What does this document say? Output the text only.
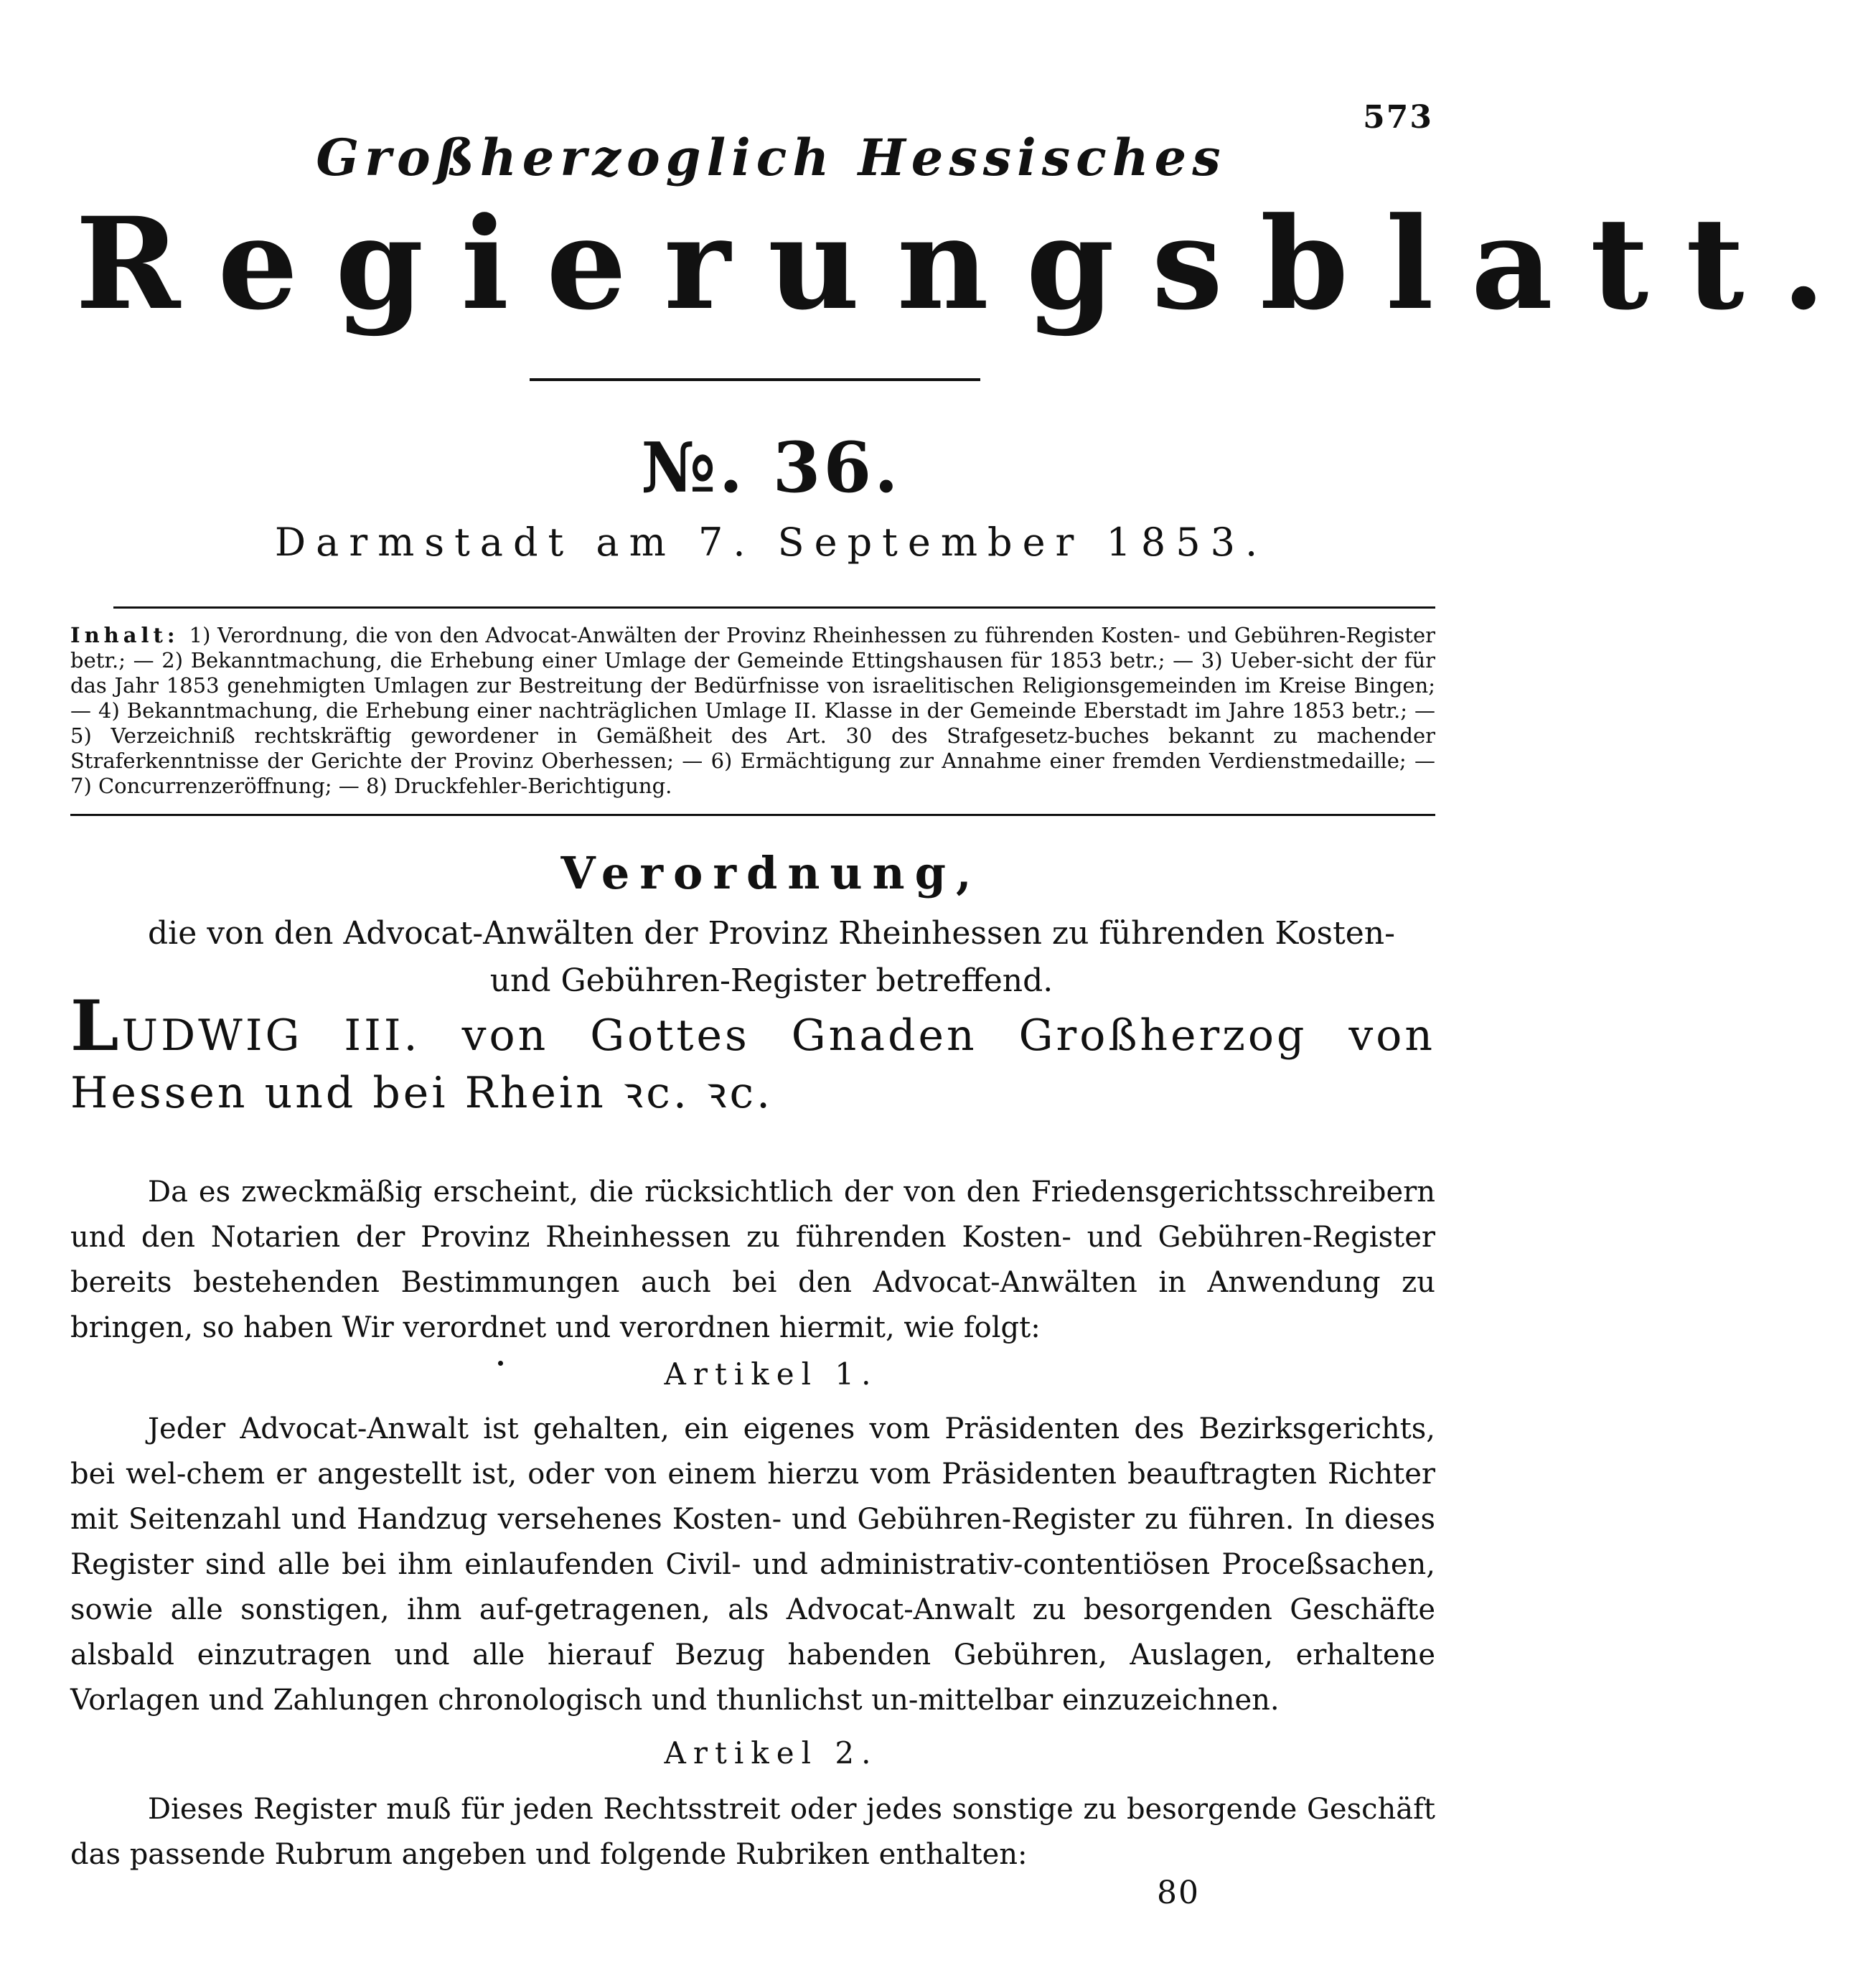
573
Großherzoglich Hessisches
Regierungsblatt.
№. 36.
Darmstadt am 7. September 1853.
Inhalt: 1) Verordnung, die von den Advocat-Anwälten der Provinz Rheinhessen zu führenden Kosten- und Gebühren-Register betr.; — 2) Bekanntmachung, die Erhebung einer Umlage der Gemeinde Ettingshausen für 1853 betr.; — 3) Ueber-sicht der für das Jahr 1853 genehmigten Umlagen zur Bestreitung der Bedürfnisse von israelitischen Religionsgemeinden im Kreise Bingen; — 4) Bekanntmachung, die Erhebung einer nachträglichen Umlage II. Klasse in der Gemeinde Eberstadt im Jahre 1853 betr.; — 5) Verzeichniß rechtskräftig gewordener in Gemäßheit des Art. 30 des Strafgesetz-buches bekannt zu machender Straferkenntnisse der Gerichte der Provinz Oberhessen; — 6) Ermächtigung zur Annahme einer fremden Verdienstmedaille; — 7) Concurrenzeröffnung; — 8) Druckfehler-Berichtigung.
Verordnung,
die von den Advocat-Anwälten der Provinz Rheinhessen zu führenden Kosten- und Gebühren-Register betreffend.
LUDWIG III. von Gottes Gnaden Großherzog von Hessen und bei Rhein ꝛc. ꝛc.
Da es zweckmäßig erscheint, die rücksichtlich der von den Friedensgerichtsschreibern und den Notarien der Provinz Rheinhessen zu führenden Kosten- und Gebühren-Register bereits bestehenden Bestimmungen auch bei den Advocat-Anwälten in Anwendung zu bringen, so haben Wir verordnet und verordnen hiermit, wie folgt:
Artikel 1.
Jeder Advocat-Anwalt ist gehalten, ein eigenes vom Präsidenten des Bezirksgerichts, bei wel-chem er angestellt ist, oder von einem hierzu vom Präsidenten beauftragten Richter mit Seitenzahl und Handzug versehenes Kosten- und Gebühren-Register zu führen. In dieses Register sind alle bei ihm einlaufenden Civil- und administrativ-contentiösen Proceßsachen, sowie alle sonstigen, ihm auf-getragenen, als Advocat-Anwalt zu besorgenden Geschäfte alsbald einzutragen und alle hierauf Bezug habenden Gebühren, Auslagen, erhaltene Vorlagen und Zahlungen chronologisch und thunlichst un-mittelbar einzuzeichnen.
Artikel 2.
Dieses Register muß für jeden Rechtsstreit oder jedes sonstige zu besorgende Geschäft das passende Rubrum angeben und folgende Rubriken enthalten:
80
